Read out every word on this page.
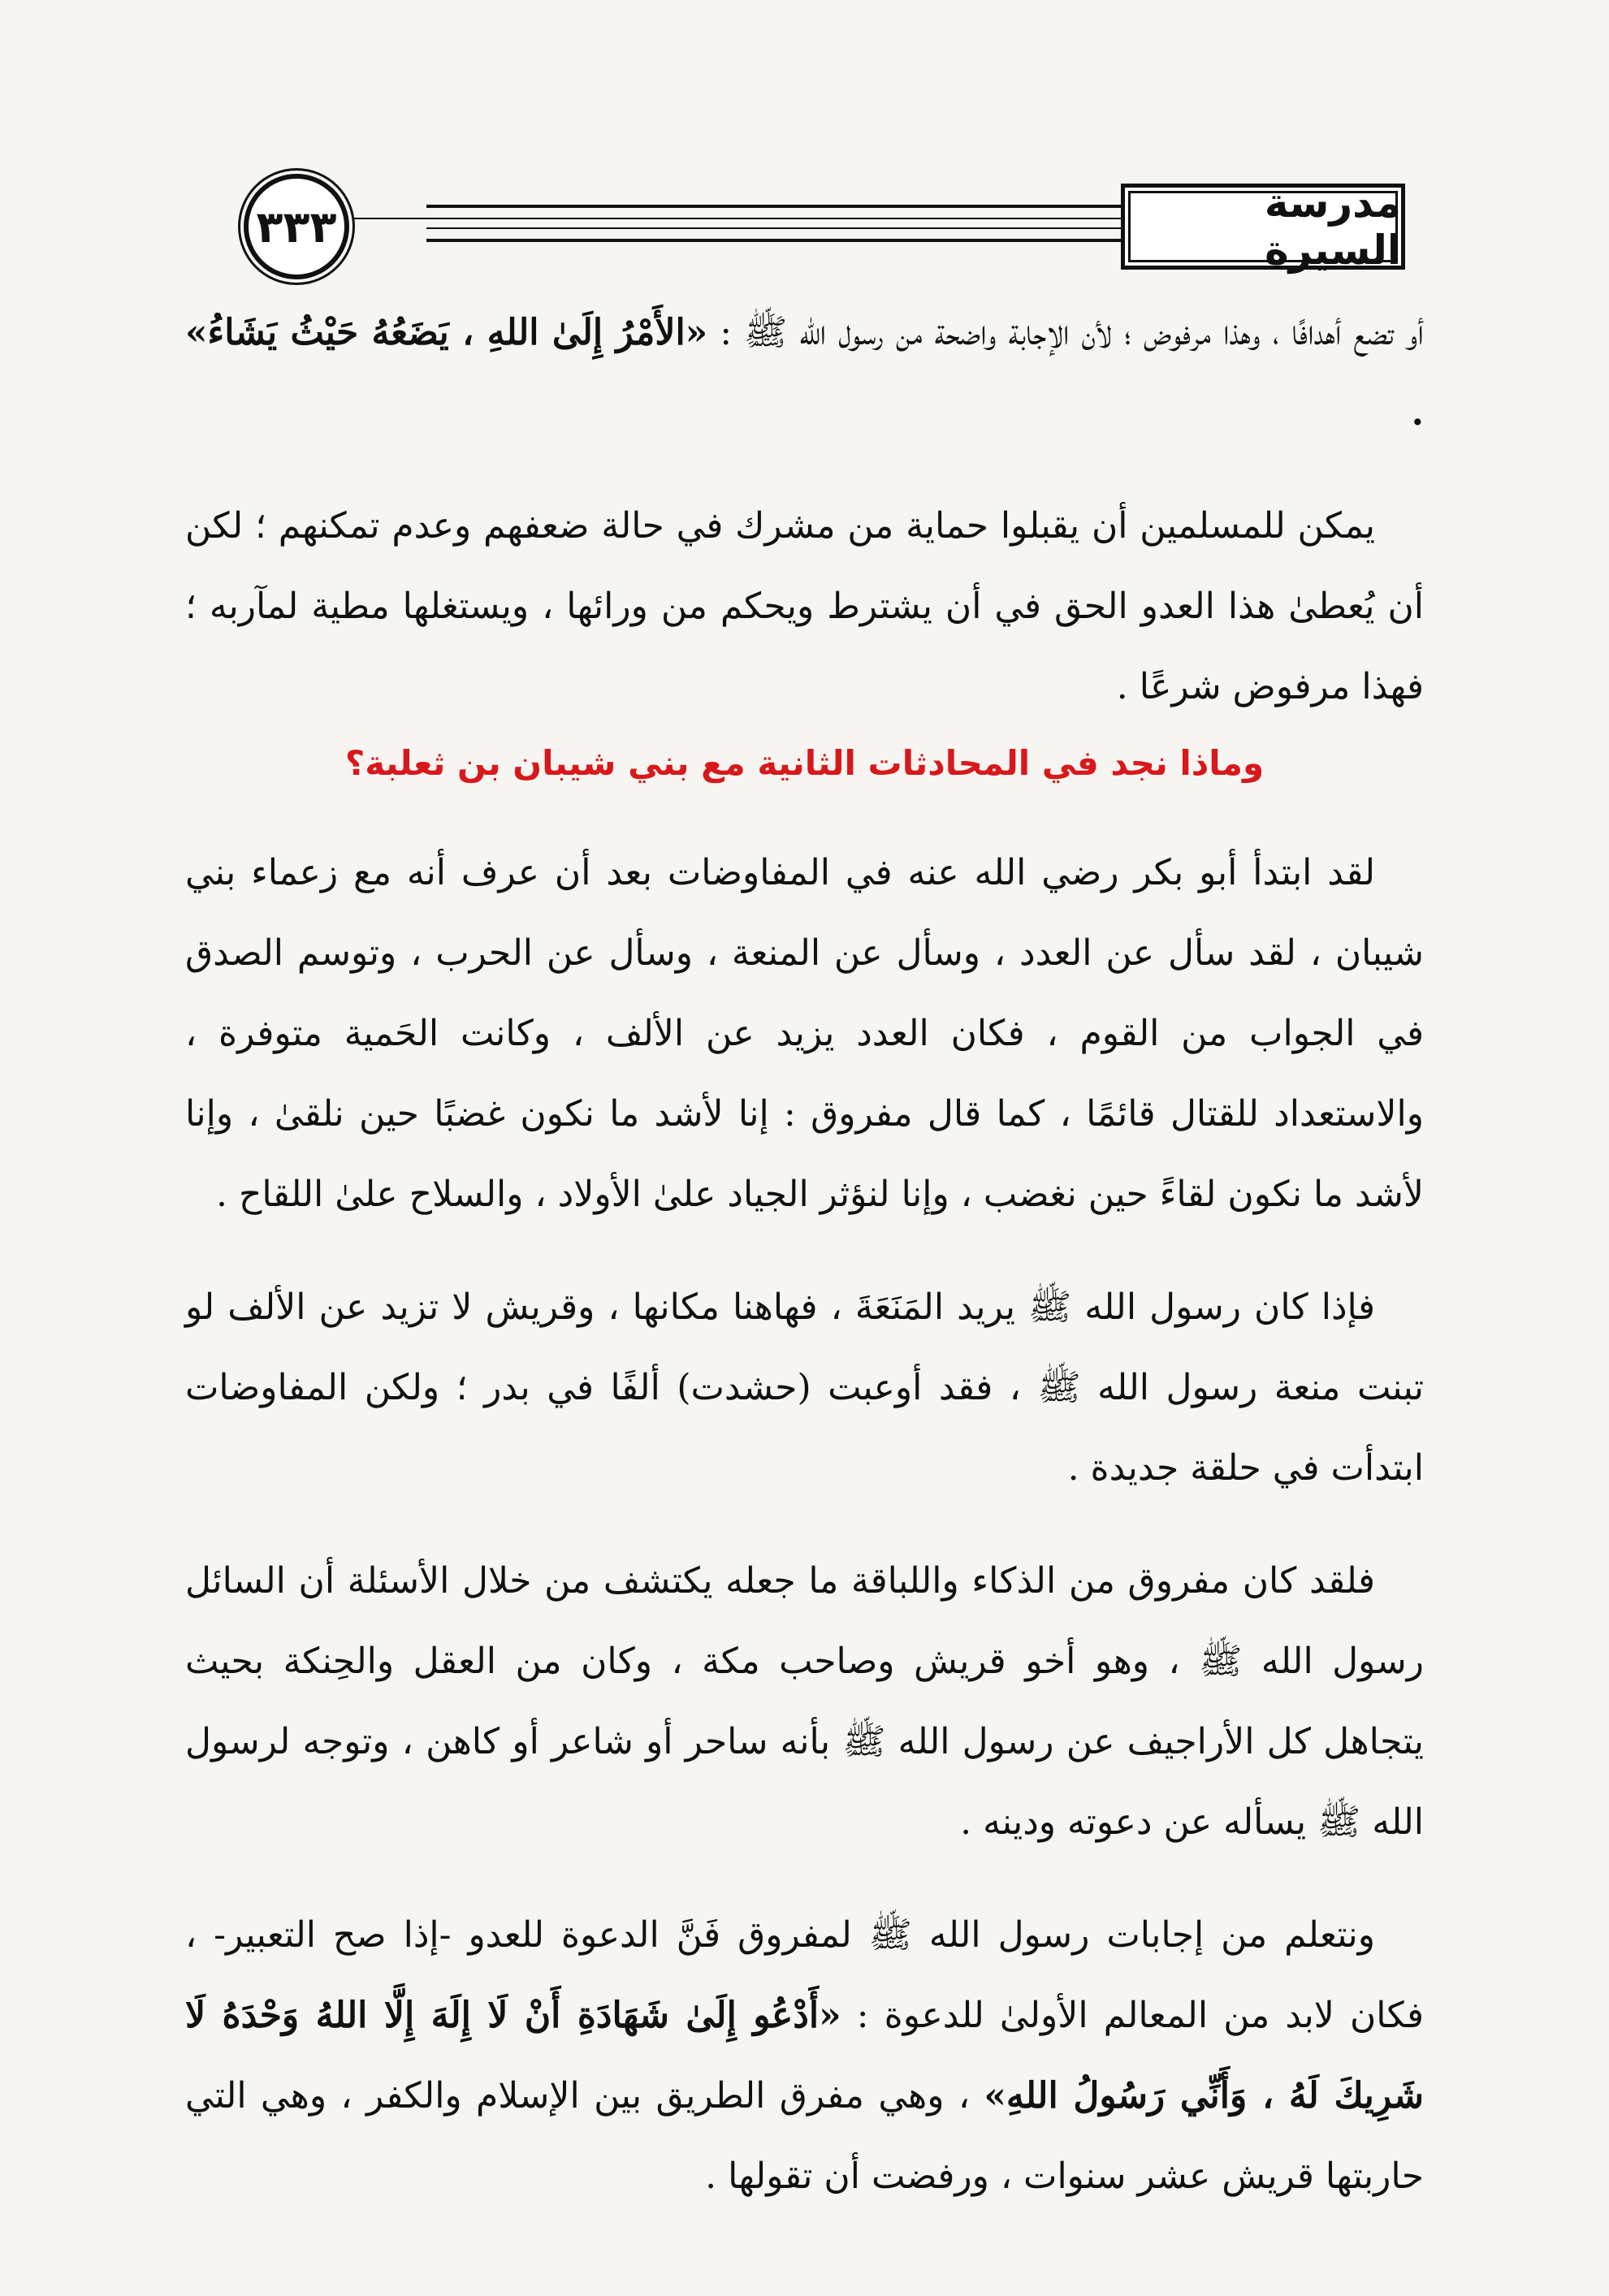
٣٣٣	مدرسة السيرة

أو تضع أهدافًا ، وهذا مرفوض ؛ لأن الإجابة واضحة من رسول الله ﷺ : «الأَمْرُ إِلَىٰ اللهِ ، يَضَعُهُ حَيْثُ يَشَاءُ» .

يمكن للمسلمين أن يقبلوا حماية من مشرك في حالة ضعفهم وعدم تمكنهم ؛ لكن أن يُعطىٰ هذا العدو الحق في أن يشترط ويحكم من ورائها ، ويستغلها مطية لمآربه ؛ فهذا مرفوض شرعًا .

وماذا نجد في المحادثات الثانية مع بني شيبان بن ثعلبة؟

لقد ابتدأ أبو بكر رضي الله عنه في المفاوضات بعد أن عرف أنه مع زعماء بني شيبان ، لقد سأل عن العدد ، وسأل عن المنعة ، وسأل عن الحرب ، وتوسم الصدق في الجواب من القوم ، فكان العدد يزيد عن الألف ، وكانت الحَمية متوفرة ، والاستعداد للقتال قائمًا ، كما قال مفروق : إنا لأشد ما نكون غضبًا حين نلقىٰ ، وإنا لأشد ما نكون لقاءً حين نغضب ، وإنا لنؤثر الجياد علىٰ الأولاد ، والسلاح علىٰ اللقاح .

فإذا كان رسول الله ﷺ يريد المَنَعَةَ ، فهاهنا مكانها ، وقريش لا تزيد عن الألف لو تبنت منعة رسول الله ﷺ ، فقد أوعبت (حشدت) ألفًا في بدر ؛ ولكن المفاوضات ابتدأت في حلقة جديدة .

فلقد كان مفروق من الذكاء واللباقة ما جعله يكتشف من خلال الأسئلة أن السائل رسول الله ﷺ ، وهو أخو قريش وصاحب مكة ، وكان من العقل والحِنكة بحيث يتجاهل كل الأراجيف عن رسول الله ﷺ بأنه ساحر أو شاعر أو كاهن ، وتوجه لرسول الله ﷺ يسأله عن دعوته ودينه .

ونتعلم من إجابات رسول الله ﷺ لمفروق فَنَّ الدعوة للعدو -إذا صح التعبير- ، فكان لابد من المعالم الأولىٰ للدعوة : «أَدْعُو إِلَىٰ شَهَادَةِ أَنْ لَا إِلَهَ إِلَّا اللهُ وَحْدَهُ لَا شَرِيكَ لَهُ ، وَأَنِّي رَسُولُ اللهِ» ، وهي مفرق الطريق بين الإسلام والكفر ، وهي التي حاربتها قريش عشر سنوات ، ورفضت أن تقولها .
